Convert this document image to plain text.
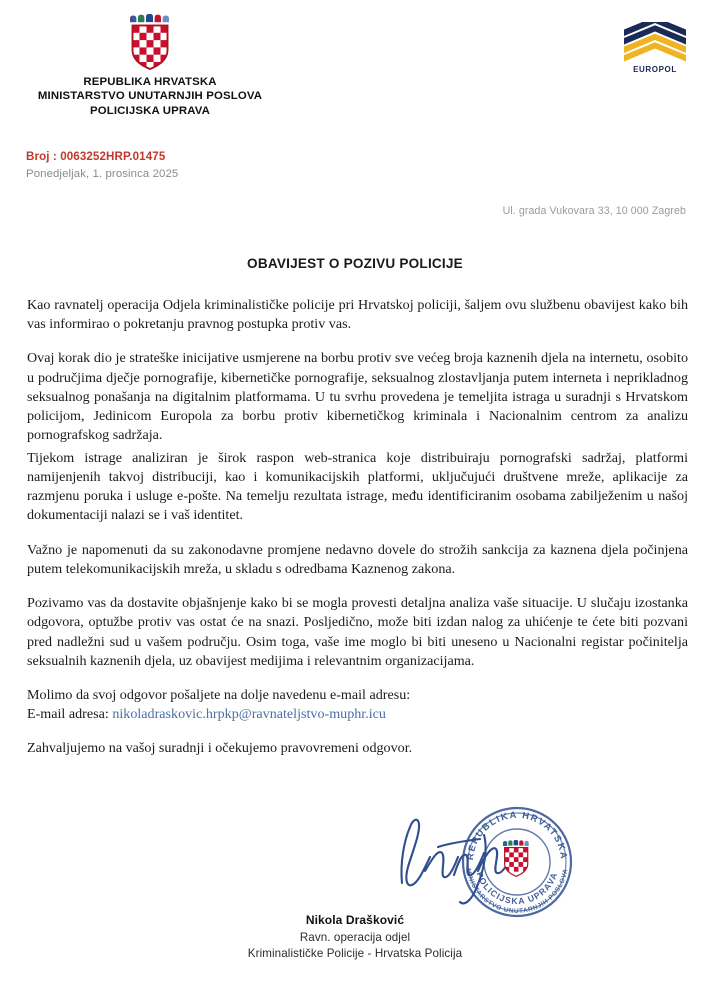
REPUBLIKA HRVATSKA
MINISTARSTVO UNUTARNJIH POSLOVA
POLICIJSKA UPRAVA
EUROPOL
Broj : 0063252HRP.01475
Ponedjeljak, 1. prosinca 2025
Ul. grada Vukovara 33, 10 000 Zagreb
OBAVIJEST O POZIVU POLICIJE

Kao ravnatelj operacija Odjela kriminalističke policije pri Hrvatskoj policiji, šaljem ovu službenu obavijest kako bih vas informirao o pokretanju pravnog postupka protiv vas.

Ovaj korak dio je strateške inicijative usmjerene na borbu protiv sve većeg broja kaznenih djela na internetu, osobito u područjima dječje pornografije, kibernetičke pornografije, seksualnog zlostavljanja putem interneta i neprikladnog seksualnog ponašanja na digitalnim platformama. U tu svrhu provedena je temeljita istraga u suradnji s Hrvatskom policijom, Jedinicom Europola za borbu protiv kibernetičkog kriminala i Nacionalnim centrom za analizu pornografskog sadržaja.

Tijekom istrage analiziran je širok raspon web-stranica koje distribuiraju pornografski sadržaj, platformi namijenjenih takvoj distribuciji, kao i komunikacijskih platformi, uključujući društvene mreže, aplikacije za razmjenu poruka i usluge e-pošte. Na temelju rezultata istrage, među identificiranim osobama zabilježenim u našoj dokumentaciji nalazi se i vaš identitet.

Važno je napomenuti da su zakonodavne promjene nedavno dovele do strožih sankcija za kaznena djela počinjena putem telekomunikacijskih mreža, u skladu s odredbama Kaznenog zakona.

Pozivamo vas da dostavite objašnjenje kako bi se mogla provesti detaljna analiza vaše situacije. U slučaju izostanka odgovora, optužbe protiv vas ostat će na snazi. Posljedično, može biti izdan nalog za uhićenje te ćete biti pozvani pred nadležni sud u vašem području. Osim toga, vaše ime moglo bi biti uneseno u Nacionalni registar počinitelja seksualnih kaznenih djela, uz obavijest medijima i relevantnim organizacijama.

Molimo da svoj odgovor pošaljete na dolje navedenu e-mail adresu:
E-mail adresa: nikoladraskovic.hrpkp@ravnateljstvo-muphr.icu

Zahvaljujemo na vašoj suradnji i očekujemo pravovremeni odgovor.

REPUBLIKA HRVATSKA
POLICIJSKA UPRAVA
MINISTARSTVO UNUTARNJIH POSLOVA
Nikola Drašković
Ravn. operacija odjel
Kriminalističke Policije - Hrvatska Policija
